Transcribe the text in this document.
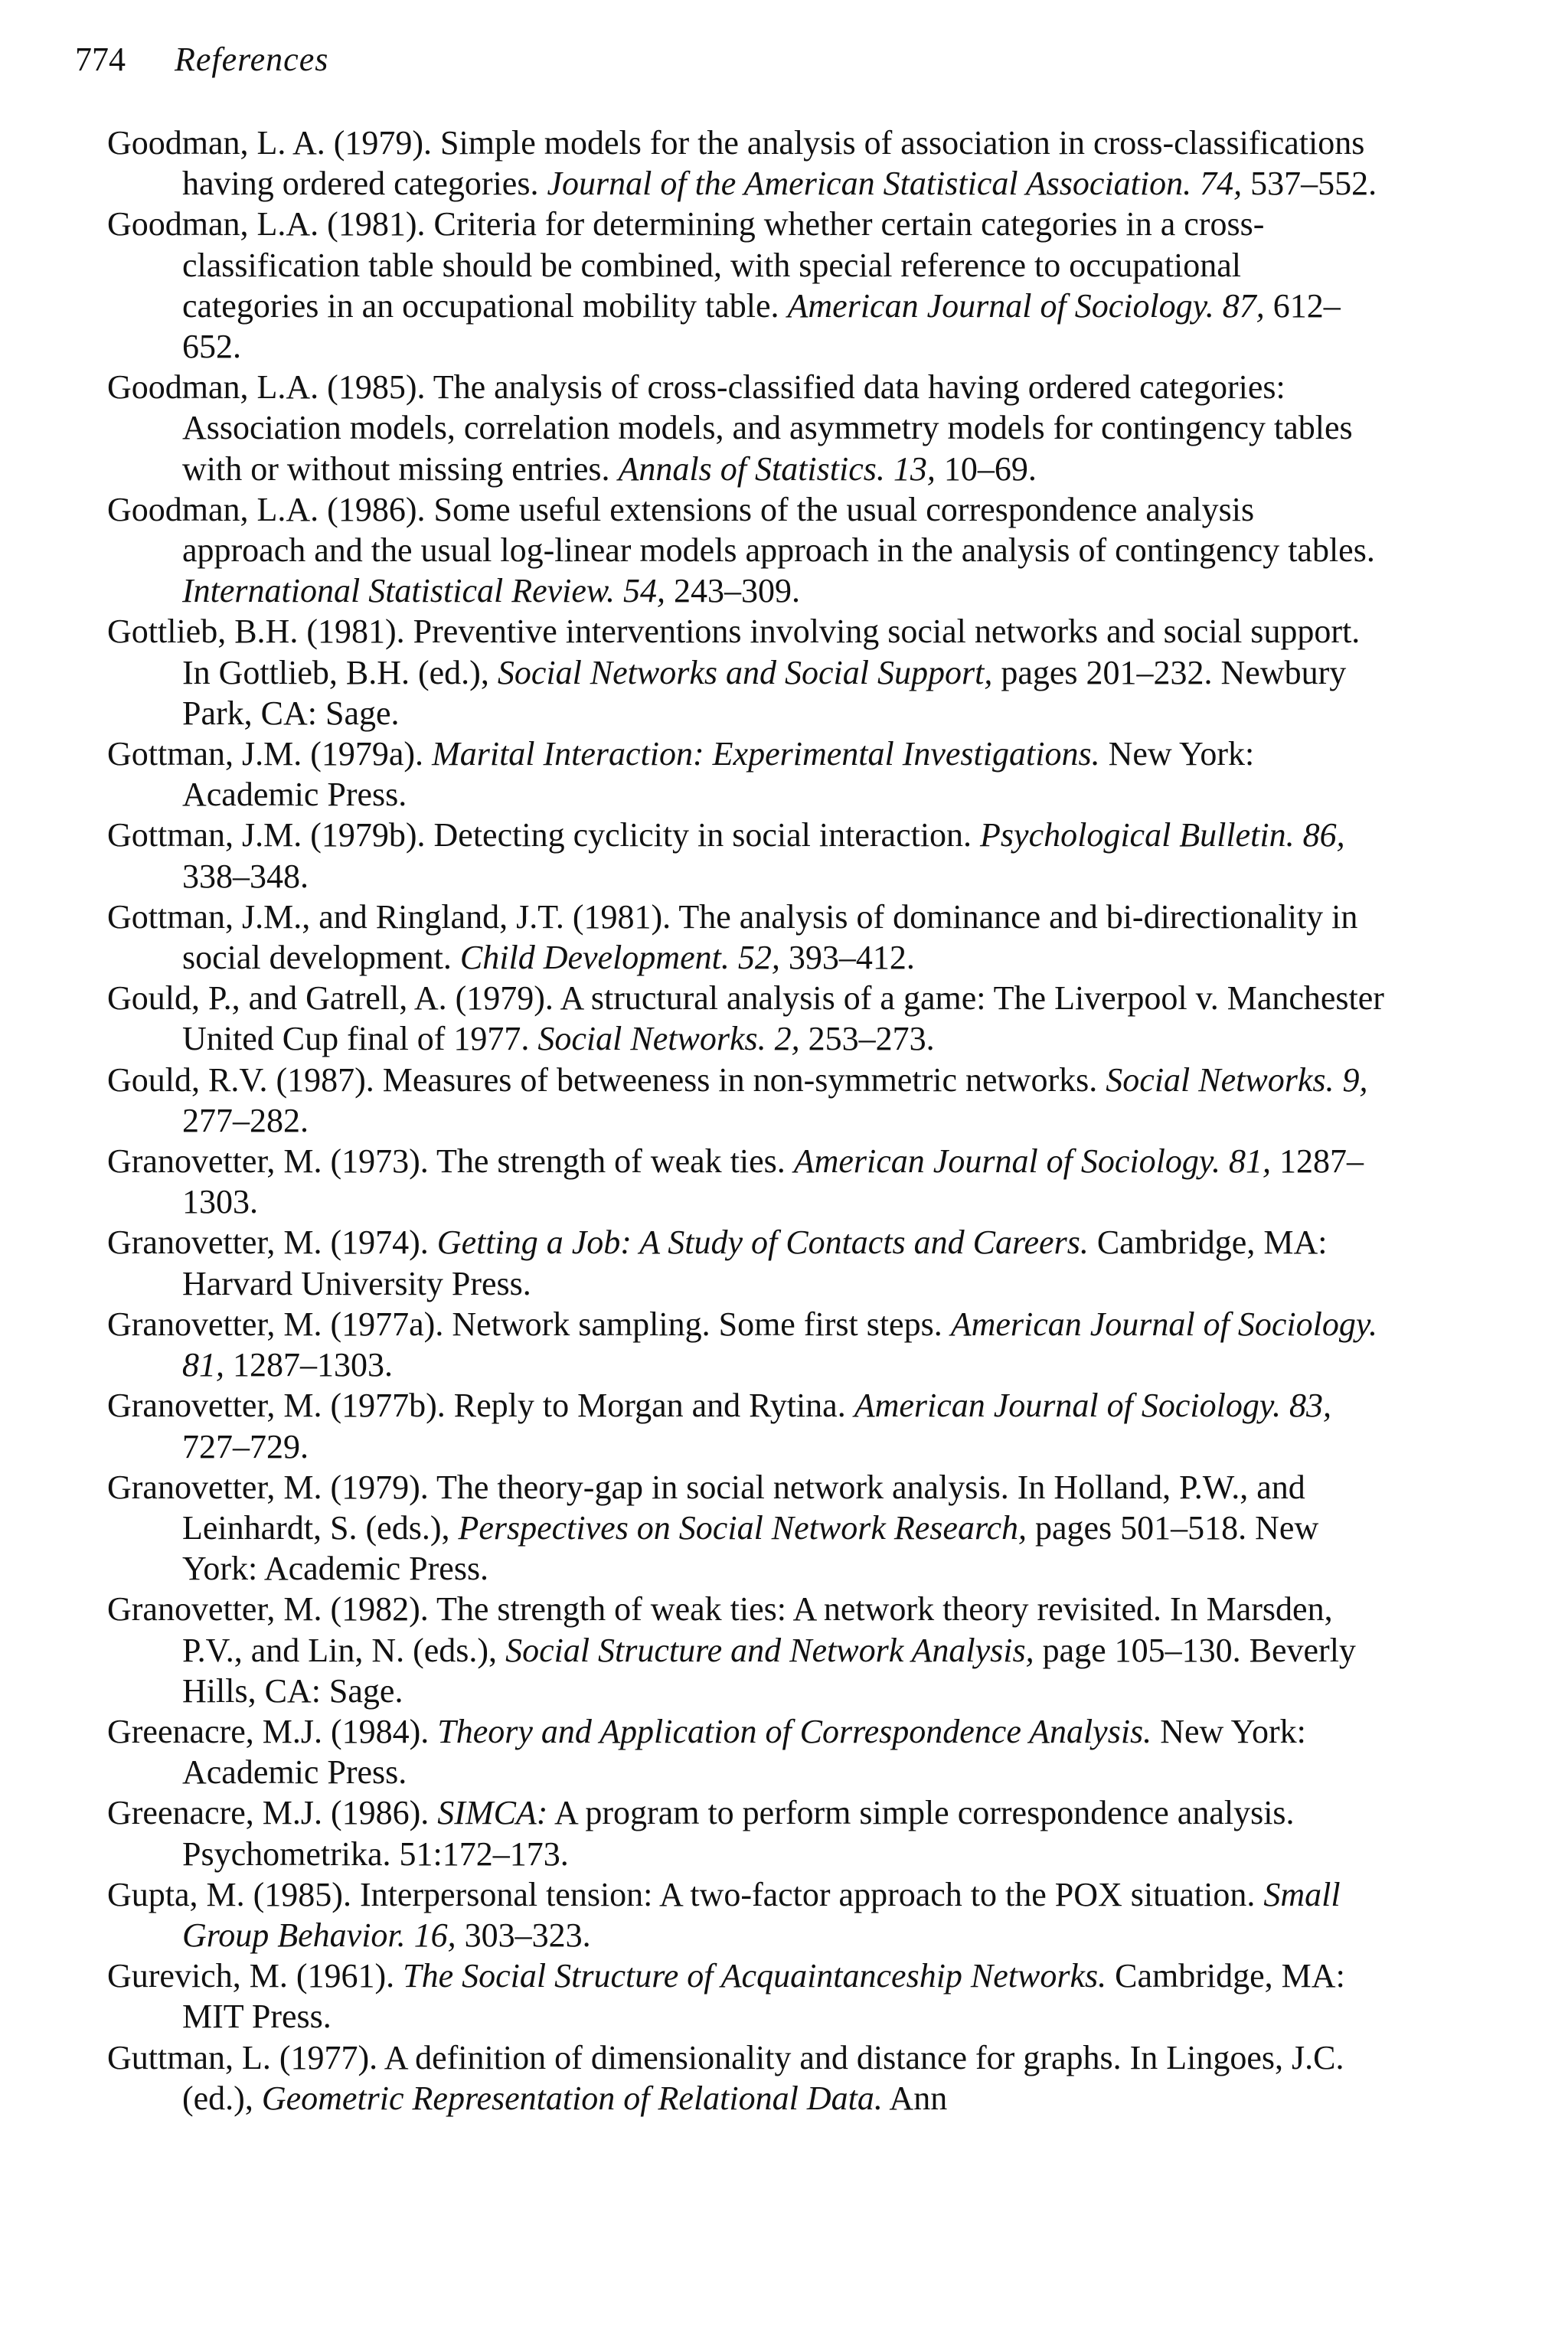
774 References

Goodman, L. A. (1979). Simple models for the analysis of association in cross-classifications having ordered categories. Journal of the American Statistical Association. 74, 537–552.

Goodman, L.A. (1981). Criteria for determining whether certain categories in a cross-classification table should be combined, with special reference to occupational categories in an occupational mobility table. American Journal of Sociology. 87, 612–652.

Goodman, L.A. (1985). The analysis of cross-classified data having ordered categories: Association models, correlation models, and asymmetry models for contingency tables with or without missing entries. Annals of Statistics. 13, 10–69.

Goodman, L.A. (1986). Some useful extensions of the usual correspondence analysis approach and the usual log-linear models approach in the analysis of contingency tables. International Statistical Review. 54, 243–309.

Gottlieb, B.H. (1981). Preventive interventions involving social networks and social support. In Gottlieb, B.H. (ed.), Social Networks and Social Support, pages 201–232. Newbury Park, CA: Sage.

Gottman, J.M. (1979a). Marital Interaction: Experimental Investigations. New York: Academic Press.

Gottman, J.M. (1979b). Detecting cyclicity in social interaction. Psychological Bulletin. 86, 338–348.

Gottman, J.M., and Ringland, J.T. (1981). The analysis of dominance and bi-directionality in social development. Child Development. 52, 393–412.

Gould, P., and Gatrell, A. (1979). A structural analysis of a game: The Liverpool v. Manchester United Cup final of 1977. Social Networks. 2, 253–273.

Gould, R.V. (1987). Measures of betweeness in non-symmetric networks. Social Networks. 9, 277–282.

Granovetter, M. (1973). The strength of weak ties. American Journal of Sociology. 81, 1287–1303.

Granovetter, M. (1974). Getting a Job: A Study of Contacts and Careers. Cambridge, MA: Harvard University Press.

Granovetter, M. (1977a). Network sampling. Some first steps. American Journal of Sociology. 81, 1287–1303.

Granovetter, M. (1977b). Reply to Morgan and Rytina. American Journal of Sociology. 83, 727–729.

Granovetter, M. (1979). The theory-gap in social network analysis. In Holland, P.W., and Leinhardt, S. (eds.), Perspectives on Social Network Research, pages 501–518. New York: Academic Press.

Granovetter, M. (1982). The strength of weak ties: A network theory revisited. In Marsden, P.V., and Lin, N. (eds.), Social Structure and Network Analysis, page 105–130. Beverly Hills, CA: Sage.

Greenacre, M.J. (1984). Theory and Application of Correspondence Analysis. New York: Academic Press.

Greenacre, M.J. (1986). SIMCA: A program to perform simple correspondence analysis. Psychometrika. 51:172–173.

Gupta, M. (1985). Interpersonal tension: A two-factor approach to the POX situation. Small Group Behavior. 16, 303–323.

Gurevich, M. (1961). The Social Structure of Acquaintanceship Networks. Cambridge, MA: MIT Press.

Guttman, L. (1977). A definition of dimensionality and distance for graphs. In Lingoes, J.C. (ed.), Geometric Representation of Relational Data. Ann
